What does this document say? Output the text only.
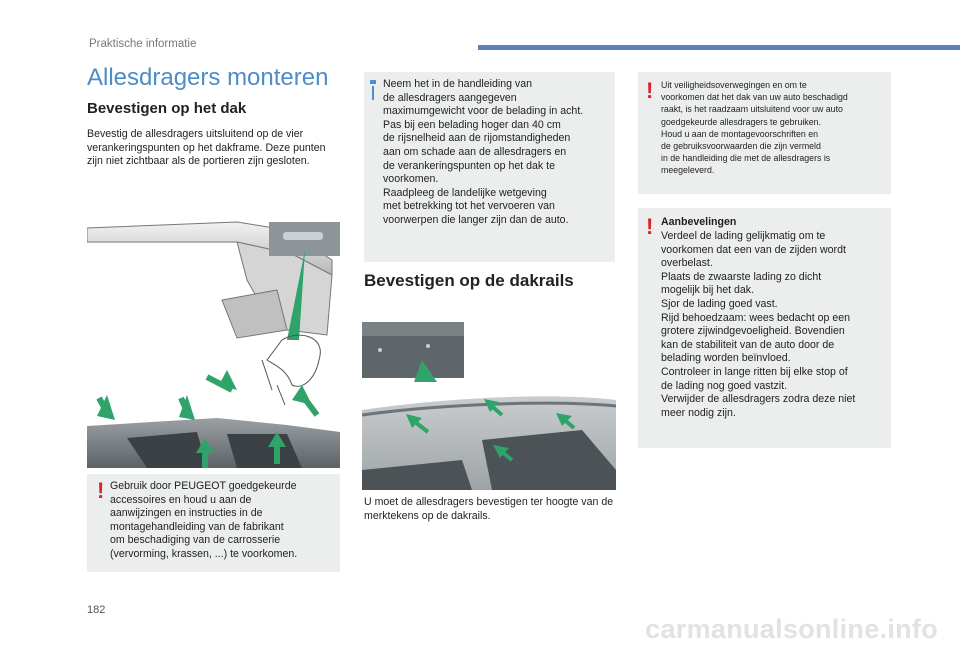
Praktische informatie
Allesdragers monteren
Bevestigen op het dak

Bevestig de allesdragers uitsluitend op de vier verankeringspunten op het dakframe. Deze punten zijn niet zichtbaar als de portieren zijn gesloten.

! Gebruik door PEUGEOT goedgekeurde
accessoires en houd u aan de
aanwijzingen en instructies in de
montagehandleiding van de fabrikant
om beschadiging van de carrosserie
(vervorming, krassen, ...) te voorkomen.

Neem het in de handleiding van
de allesdragers aangegeven
maximumgewicht voor de belading in acht.
Pas bij een belading hoger dan 40 cm
de rijsnelheid aan de rijomstandigheden
aan om schade aan de allesdragers en
de verankeringspunten op het dak te
voorkomen.
Raadpleeg de landelijke wetgeving
met betrekking tot het vervoeren van
voorwerpen die langer zijn dan de auto.

Bevestigen op de dakrails

U moet de allesdragers bevestigen ter hoogte van de merktekens op de dakrails.

! Uit veiligheidsoverwegingen en om te
voorkomen dat het dak van uw auto beschadigd
raakt, is het raadzaam uitsluitend voor uw auto
goedgekeurde allesdragers te gebruiken.
Houd u aan de montagevoorschriften en
de gebruiksvoorwaarden die zijn vermeld
in de handleiding die met de allesdragers is
meegeleverd.

! Aanbevelingen

Verdeel de lading gelijkmatig om te
voorkomen dat een van de zijden wordt
overbelast.
Plaats de zwaarste lading zo dicht
mogelijk bij het dak.
Sjor de lading goed vast.
Rijd behoedzaam: wees bedacht op een
grotere zijwindgevoeligheid. Bovendien
kan de stabiliteit van de auto door de
belading worden beïnvloed.
Controleer in lange ritten bij elke stop of
de lading nog goed vastzit.
Verwijder de allesdragers zodra deze niet
meer nodig zijn.

182
carmanualsonline.info
